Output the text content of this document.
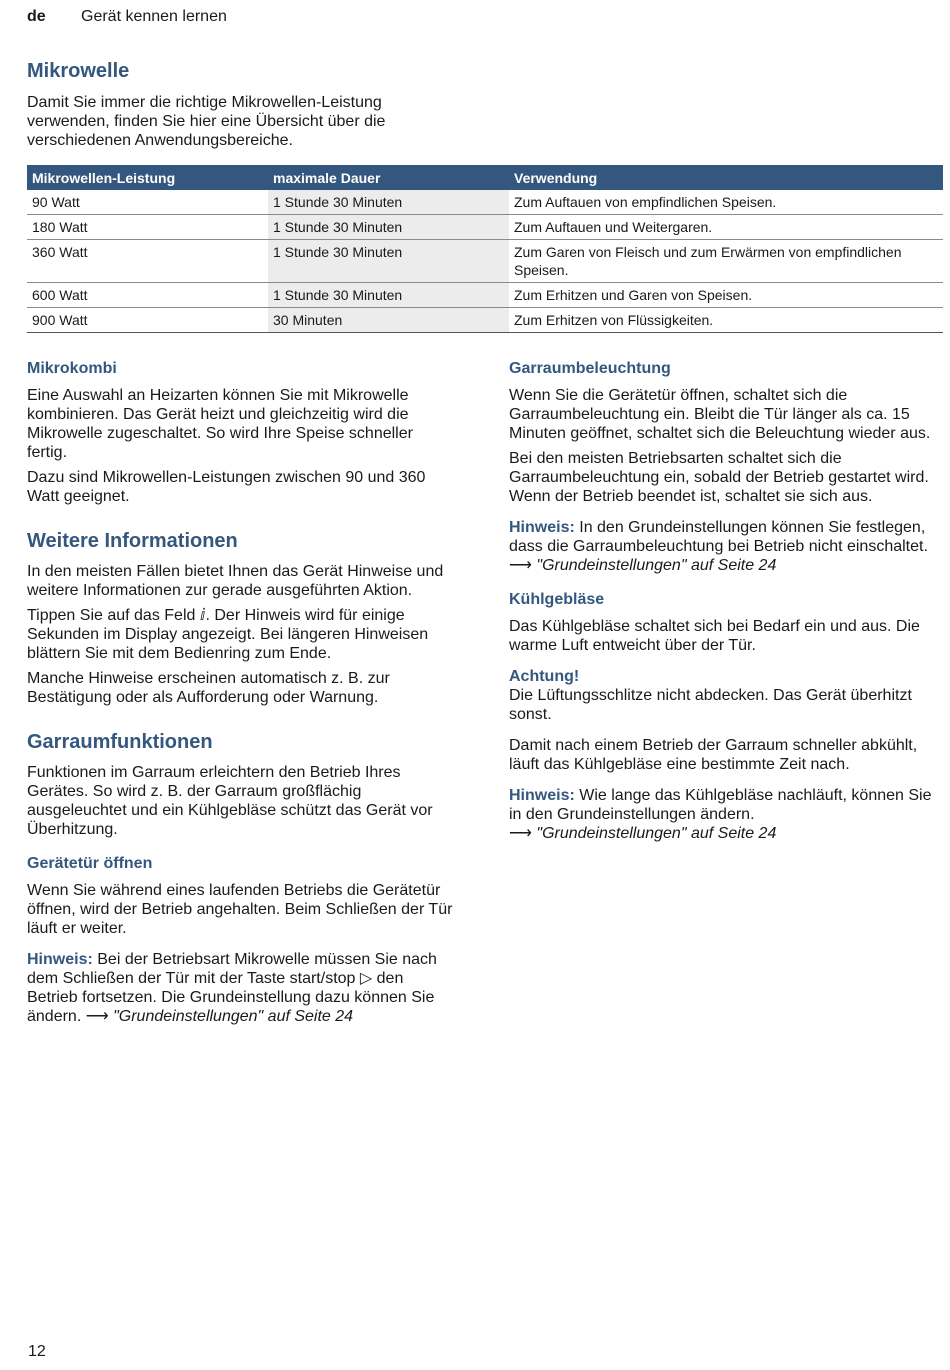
de Gerät kennen lernen
Mikrowelle

Damit Sie immer die richtige Mikrowellen-Leistung verwenden, finden Sie hier eine Übersicht über die verschiedenen Anwendungsbereiche.

Mikrowellen-Leistung	maximale Dauer	Verwendung
90 Watt	1 Stunde 30 Minuten	Zum Auftauen von empfindlichen Speisen.
180 Watt	1 Stunde 30 Minuten	Zum Auftauen und Weitergaren.
360 Watt	1 Stunde 30 Minuten	Zum Garen von Fleisch und zum Erwärmen von empfindlichen Speisen.
600 Watt	1 Stunde 30 Minuten	Zum Erhitzen und Garen von Speisen.
900 Watt	30 Minuten	Zum Erhitzen von Flüssigkeiten.
Mikrokombi

Eine Auswahl an Heizarten können Sie mit Mikrowelle kombinieren. Das Gerät heizt und gleichzeitig wird die Mikrowelle zugeschaltet. So wird Ihre Speise schneller fertig.

Dazu sind Mikrowellen-Leistungen zwischen 90 und 360 Watt geeignet.

Weitere Informationen

In den meisten Fällen bietet Ihnen das Gerät Hinweise und weitere Informationen zur gerade ausgeführten Aktion.

Tippen Sie auf das Feld ⅈ. Der Hinweis wird für einige Sekunden im Display angezeigt. Bei längeren Hinweisen blättern Sie mit dem Bedienring zum Ende.

Manche Hinweise erscheinen automatisch z. B. zur Bestätigung oder als Aufforderung oder Warnung.

Garraumfunktionen

Funktionen im Garraum erleichtern den Betrieb Ihres Gerätes. So wird z. B. der Garraum großflächig ausgeleuchtet und ein Kühlgebläse schützt das Gerät vor Überhitzung.

Gerätetür öffnen

Wenn Sie während eines laufenden Betriebs die Gerätetür öffnen, wird der Betrieb angehalten. Beim Schließen der Tür läuft er weiter.

Hinweis: Bei der Betriebsart Mikrowelle müssen Sie nach dem Schließen der Tür mit der Taste start/stop ▷ den Betrieb fortsetzen. Die Grundeinstellung dazu können Sie ändern. ⟶ "Grundeinstellungen" auf Seite 24

Garraumbeleuchtung

Wenn Sie die Gerätetür öffnen, schaltet sich die Garraumbeleuchtung ein. Bleibt die Tür länger als ca. 15 Minuten geöffnet, schaltet sich die Beleuchtung wieder aus.

Bei den meisten Betriebsarten schaltet sich die Garraumbeleuchtung ein, sobald der Betrieb gestartet wird. Wenn der Betrieb beendet ist, schaltet sie sich aus.

Hinweis: In den Grundeinstellungen können Sie festlegen, dass die Garraumbeleuchtung bei Betrieb nicht einschaltet. ⟶ "Grundeinstellungen" auf Seite 24

Kühlgebläse

Das Kühlgebläse schaltet sich bei Bedarf ein und aus. Die warme Luft entweicht über der Tür.

Achtung!

Die Lüftungsschlitze nicht abdecken. Das Gerät überhitzt sonst.

Damit nach einem Betrieb der Garraum schneller abkühlt, läuft das Kühlgebläse eine bestimmte Zeit nach.

Hinweis: Wie lange das Kühlgebläse nachläuft, können Sie in den Grundeinstellungen ändern.
⟶ "Grundeinstellungen" auf Seite 24

12
